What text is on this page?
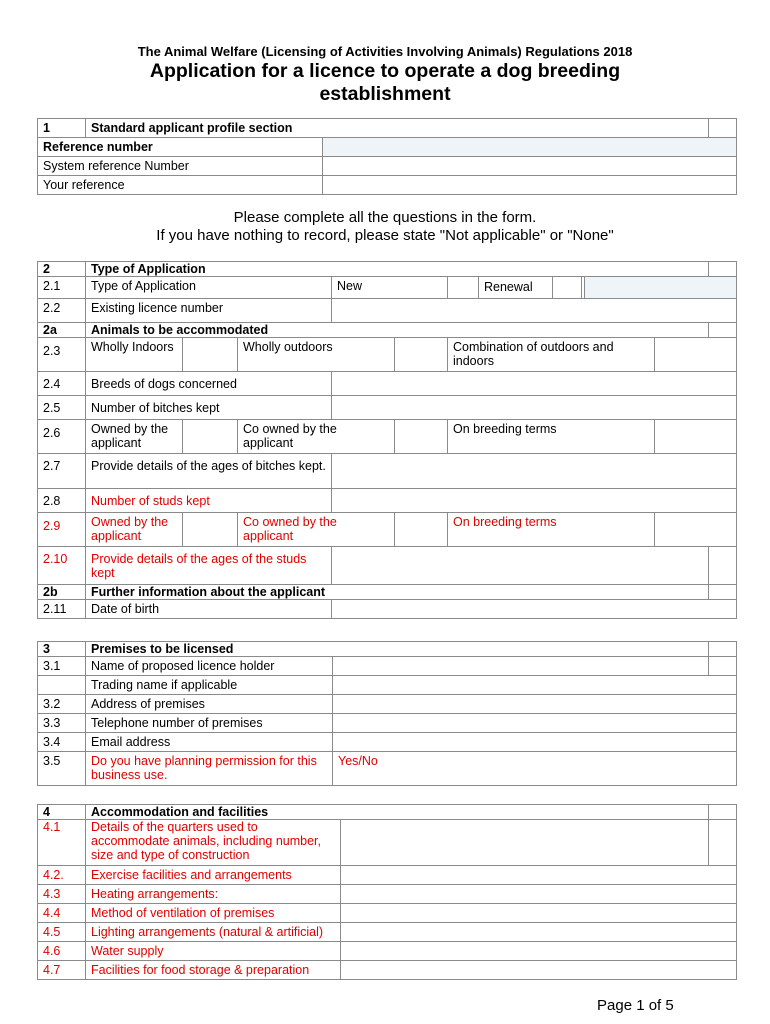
The Animal Welfare (Licensing of Activities Involving Animals) Regulations 2018
Application for a licence to operate a dog breeding
establishment
1	Standard applicant profile section		
Reference number			
System reference Number			
Your reference			
Please complete all the questions in the form.
If you have nothing to record, please state "Not applicable" or "None"
2	Type of Application									
2.1	Type of Application			New		Renewal				

2.2	Existing licence number									
2a	Animals to be accommodated									
2.3	Wholly Indoors		Wholly outdoors			Combination of outdoors and indoors				
2.4	Breeds of dogs concerned									
2.5	Number of bitches kept									
2.6	Owned by the applicant		Co owned by the applicant			On breeding terms				
2.7	Provide details of the ages of bitches kept.									
2.8	Number of studs kept									
2.9	Owned by the applicant		Co owned by the applicant			On breeding terms				
2.10	Provide details of the ages of the studs kept									
2b	Further information about the applicant									
2.11	Date of birth									
3	Premises to be licensed		
3.1	Name of proposed licence holder		
	Trading name if applicable		
3.2	Address of premises		
3.3	Telephone number of premises		
3.4	Email address		
3.5	Do you have planning permission for this business use.	Yes/No	
4	Accommodation and facilities		
4.1	Details of the quarters used to accommodate animals, including number, size and type of construction		
4.2.	Exercise facilities and arrangements		
4.3	Heating arrangements:		
4.4	Method of ventilation of premises		
4.5	Lighting arrangements (natural & artificial)		
4.6	Water supply		
4.7	Facilities for food storage & preparation		
Page 1 of 5
